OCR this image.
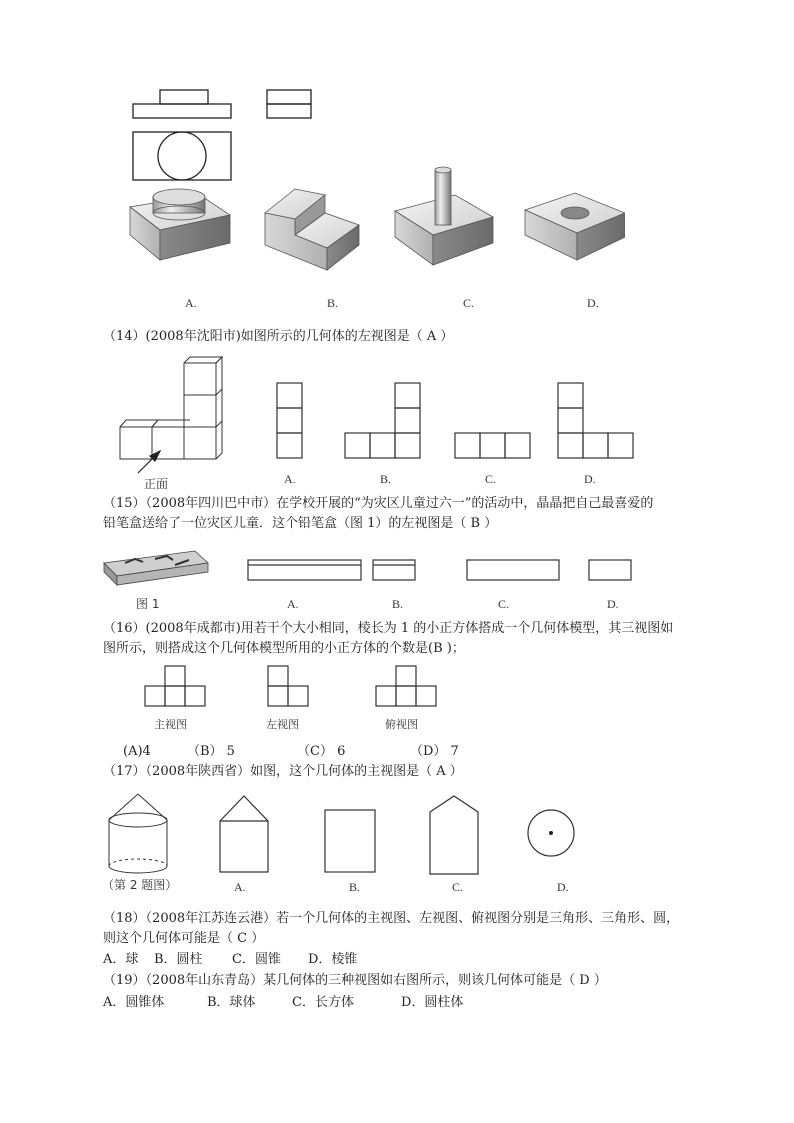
A.	B.	C.	D.
（14）(2008年沈阳市)如图所示的几何体的左视图是（ A ）
正面	A.	B.	C.	D.
（15）（2008年四川巴中市）在学校开展的“为灾区儿童过六一”的活动中，晶晶把自己最喜爱的
铅笔盒送给了一位灾区儿童．这个铅笔盒（图 1）的左视图是（ B ）
图 1	A.	B.	C.	D.
（16）(2008年成都市)用若干个大小相同，棱长为 1 的小正方体搭成一个几何体模型，其三视图如
图所示，则搭成这个几何体模型所用的小正方体的个数是(B )；
主视图	左视图	俯视图
(A)4	（B） 5	（C） 6	（D） 7
（17）（2008年陕西省）如图，这个几何体的主视图是（ A ）
（第 2 题图）	A.	B.	C.	D.
（18）（2008年江苏连云港）若一个几何体的主视图、左视图、俯视图分别是三角形、三角形、圆，
则这个几何体可能是（ C ）
A．球 B．圆柱 C．圆锥 D．棱锥
（19）（2008年山东青岛）某几何体的三种视图如右图所示，则该几何体可能是（ D ）
A．圆锥体	B．球体	C．长方体	D．圆柱体
